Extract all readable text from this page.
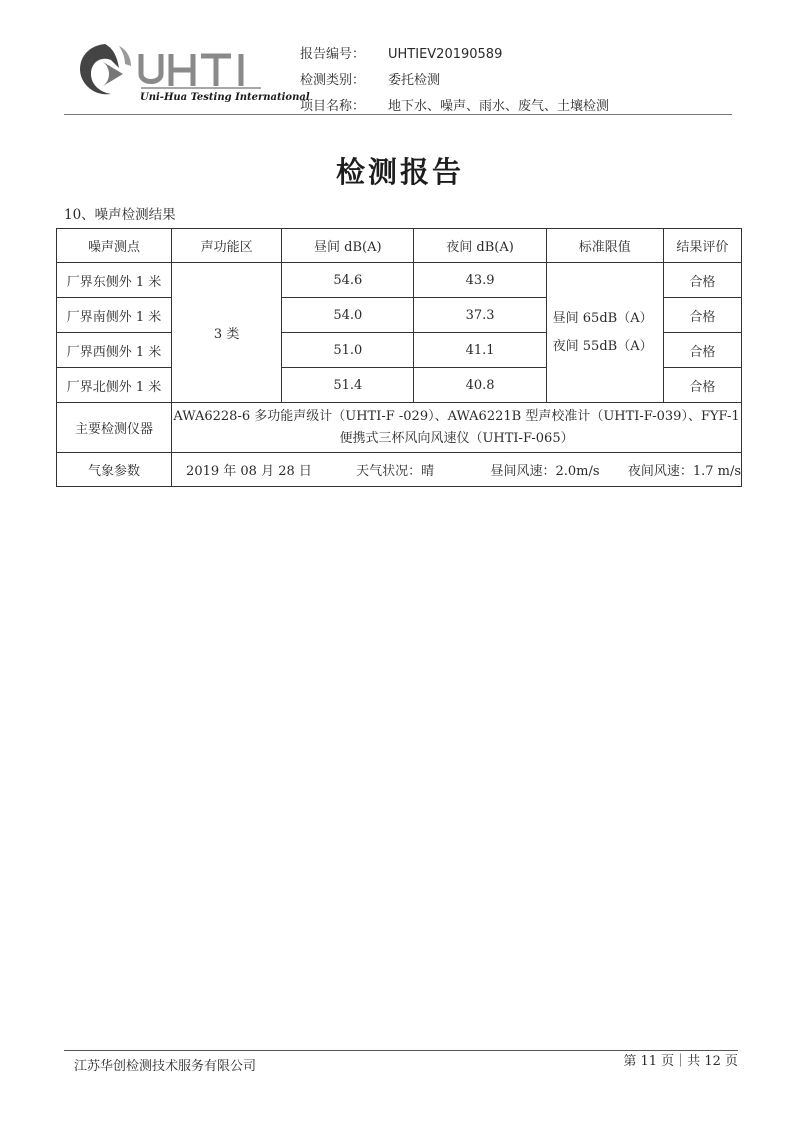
Uni-Hua Testing International
报告编号：	UHTIEV20190589
检测类别：	委托检测
项目名称：	地下水、噪声、雨水、废气、土壤检测
检测报告
10、噪声检测结果
噪声测点	声功能区	昼间 dB(A)	夜间 dB(A)	标准限值	结果评价
厂界东侧外 1 米	3 类	54.6	43.9	昼间 65dB（A）
夜间 55dB（A）	合格
厂界南侧外 1 米		54.0	37.3		合格
厂界西侧外 1 米		51.0	41.1		合格
厂界北侧外 1 米		51.4	40.8		合格
主要检测仪器	AWA6228-6 多功能声级计（UHTI-F -029）、AWA6221B 型声校准计（UHTI-F-039）、FYF-1
便携式三杯风向风速仪（UHTI-F-065）				

气象参数	2019 年 08 月 28 日 天气状况：晴 昼间风速：2.0m/s 夜间风速：1.7 m/s				
江苏华创检测技术服务有限公司	第 11 页｜共 12 页
